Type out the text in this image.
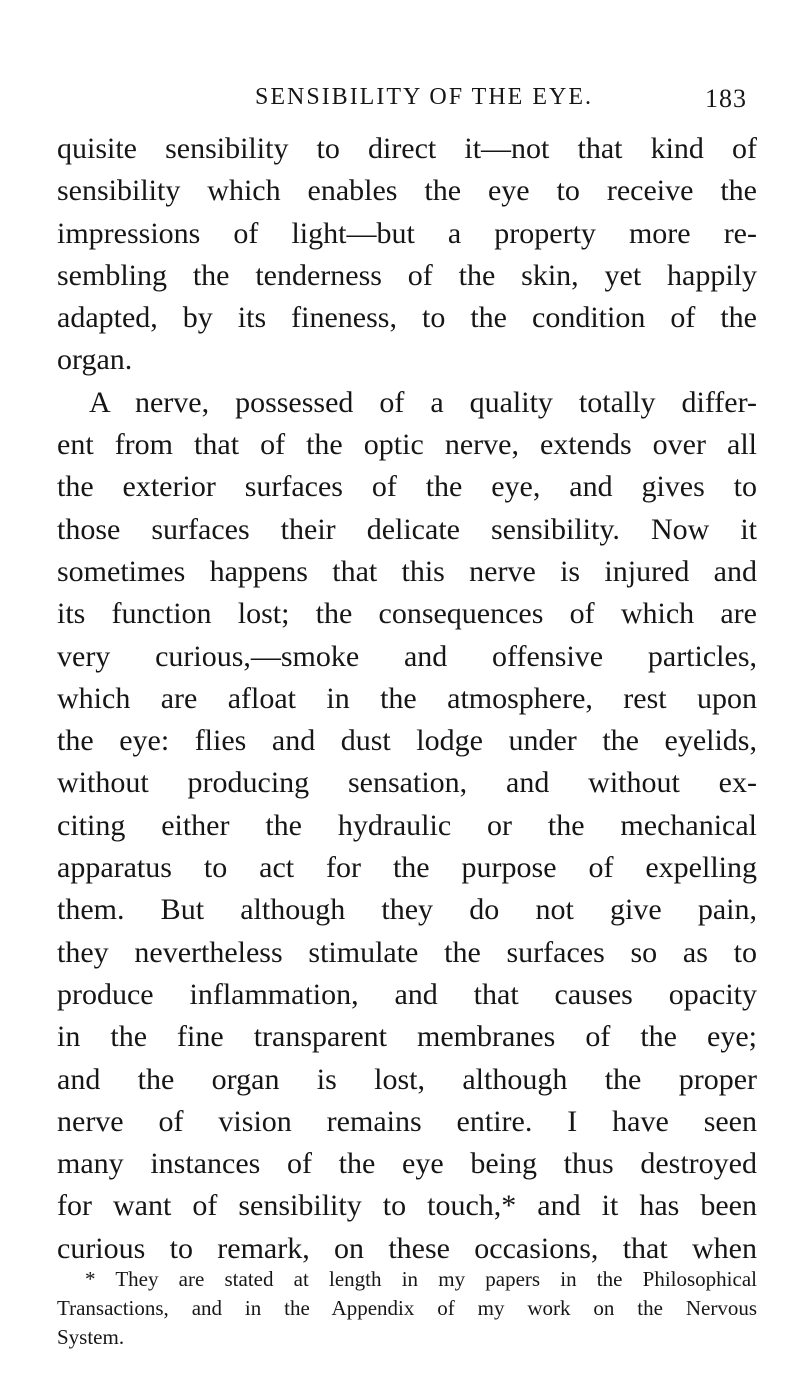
SENSIBILITY OF THE EYE.	183
quisite sensibility to direct it—not that kind of
sensibility which enables the eye to receive the
impressions of light—but a property more re-
sembling the tenderness of the skin, yet happily
adapted, by its fineness, to the condition of the
organ.
A nerve, possessed of a quality totally differ-
ent from that of the optic nerve, extends over all
the exterior surfaces of the eye, and gives to
those surfaces their delicate sensibility. Now it
sometimes happens that this nerve is injured and
its function lost; the consequences of which are
very curious,—smoke and offensive particles,
which are afloat in the atmosphere, rest upon
the eye: flies and dust lodge under the eyelids,
without producing sensation, and without ex-
citing either the hydraulic or the mechanical
apparatus to act for the purpose of expelling
them. But although they do not give pain,
they nevertheless stimulate the surfaces so as to
produce inflammation, and that causes opacity
in the fine transparent membranes of the eye;
and the organ is lost, although the proper
nerve of vision remains entire. I have seen
many instances of the eye being thus destroyed
for want of sensibility to touch,* and it has been
curious to remark, on these occasions, that when
* They are stated at length in my papers in the Philosophical
Transactions, and in the Appendix of my work on the Nervous
System.
